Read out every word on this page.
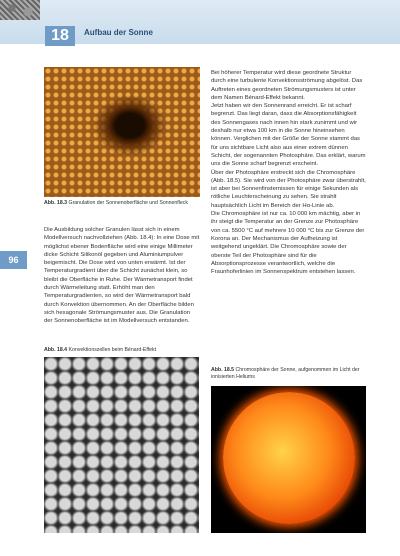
18	Aufbau der Sonne
96
Abb. 18.3 Granulation der Sonnenoberfläche und Sonnenfleck

Die Ausbildung solcher Granulen lässt sich in einem Modellversuch nachvollziehen (Abb. 18.4): In eine Dose mit möglichst ebener Bodenfläche wird eine einige Millimeter dicke Schicht Silikonöl gegeben und Aluminiumpulver beigemischt. Die Dose wird von unten erwärmt. Ist der Temperaturgradient über die Schicht zunächst klein, so bleibt die Oberfläche in Ruhe. Der Wärmetransport findet durch Wärmeleitung statt. Erhöht man den Temperaturgradienten, so wird der Wärmetransport bald durch Konvektion übernommen. An der Oberfläche bilden sich hexagonale Strömungsmuster aus. Die Granulation der Sonnenoberfläche ist im Modellversuch entstanden.

Abb. 18.4 Konvektionszellen beim Bénard-Effekt

Bei höherer Temperatur wird diese geordnete Struktur durch eine turbulente Konvektionsströmung abgelöst. Das Auftreten eines geordneten Strömungsmusters ist unter dem Namen Bénard-Effekt bekannt.

Jetzt haben wir den Sonnenrand erreicht. Er ist scharf begrenzt. Das liegt daran, dass die Absorptionsfähigkeit des Sonnengases nach innen hin stark zunimmt und wir deshalb nur etwa 100 km in die Sonne hineinsehen können. Verglichen mit der Größe der Sonne stammt das für uns sichtbare Licht also aus einer extrem dünnen Schicht, der sogenannten Photosphäre. Das erklärt, warum uns die Sonne scharf begrenzt erscheint.

Über der Photosphäre erstreckt sich die Chromosphäre (Abb. 18.5). Sie wird von der Photosphäre zwar überstrahlt, ist aber bei Sonnenfinsternissen für einige Sekunden als rötliche Leuchterscheinung zu sehen. Sie strahlt hauptsächlich Licht im Bereich der Hα-Linie ab.

Die Chromosphäre ist nur ca. 10 000 km mächtig, aber in ihr steigt die Temperatur an der Grenze zur Photosphäre von ca. 5500 °C auf mehrere 10 000 °C bis zur Grenze der Korona an. Der Mechanismus der Aufheizung ist weitgehend ungeklärt. Die Chromosphäre sowie der oberste Teil der Photosphäre sind für die Absorptionsprozesse verantwortlich, welche die Fraunhoferlinien im Sonnenspektrum entstehen lassen.

Abb. 18.5 Chromosphäre der Sonne, aufgenommen im Licht der ionisierten Heliums
